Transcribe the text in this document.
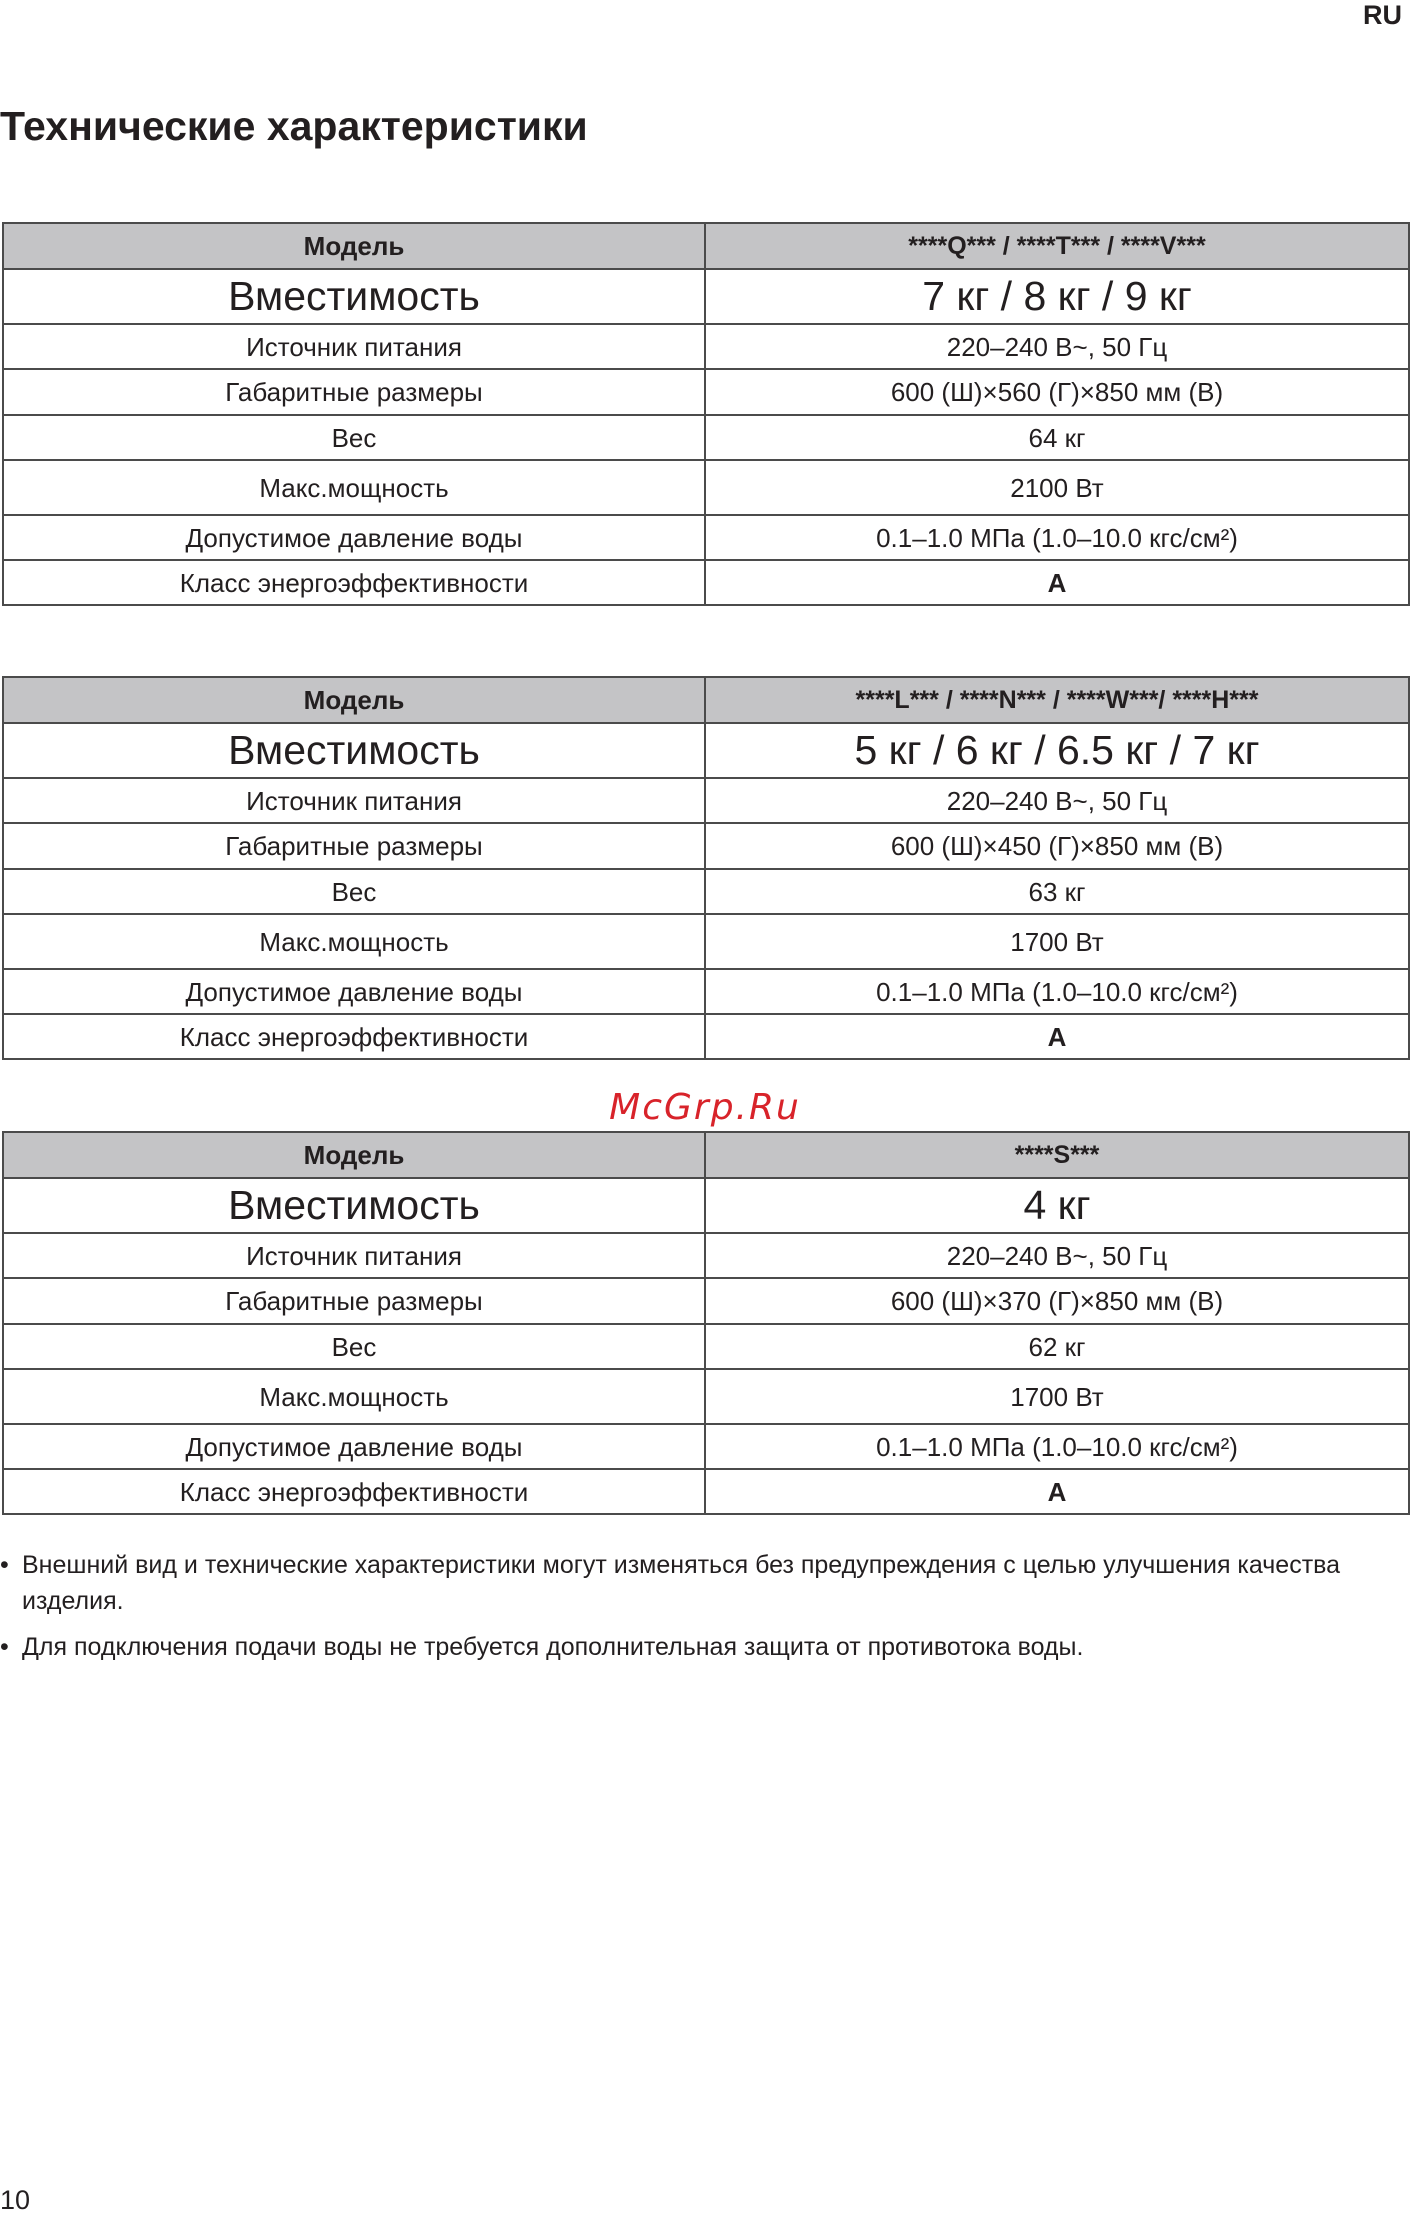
RU
Технические характеристики
Модель	****Q*** / ****T*** / ****V***
Вместимость	7 кг / 8 кг / 9 кг
Источник питания	220–240 В~, 50 Гц
Габаритные размеры	600 (Ш)×560 (Г)×850 мм (В)
Вес	64 кг
Макс.мощность	2100 Вт
Допустимое давление воды	0.1–1.0 МПа (1.0–10.0 кгс/см²)
Класс энергоэффективности	A
Модель	****L*** / ****N*** / ****W***/ ****H***
Вместимость	5 кг / 6 кг / 6.5 кг / 7 кг
Источник питания	220–240 В~, 50 Гц
Габаритные размеры	600 (Ш)×450 (Г)×850 мм (В)
Вес	63 кг
Макс.мощность	1700 Вт
Допустимое давление воды	0.1–1.0 МПа (1.0–10.0 кгс/см²)
Класс энергоэффективности	A
McGrp.Ru
Модель	****S***
Вместимость	4 кг
Источник питания	220–240 В~, 50 Гц
Габаритные размеры	600 (Ш)×370 (Г)×850 мм (В)
Вес	62 кг
Макс.мощность	1700 Вт
Допустимое давление воды	0.1–1.0 МПа (1.0–10.0 кгс/см²)
Класс энергоэффективности	A
• Внешний вид и технические характеристики могут изменяться без предупреждения с целью улучшения качества изделия.
• Для подключения подачи воды не требуется дополнительная защита от противотока воды.
10
